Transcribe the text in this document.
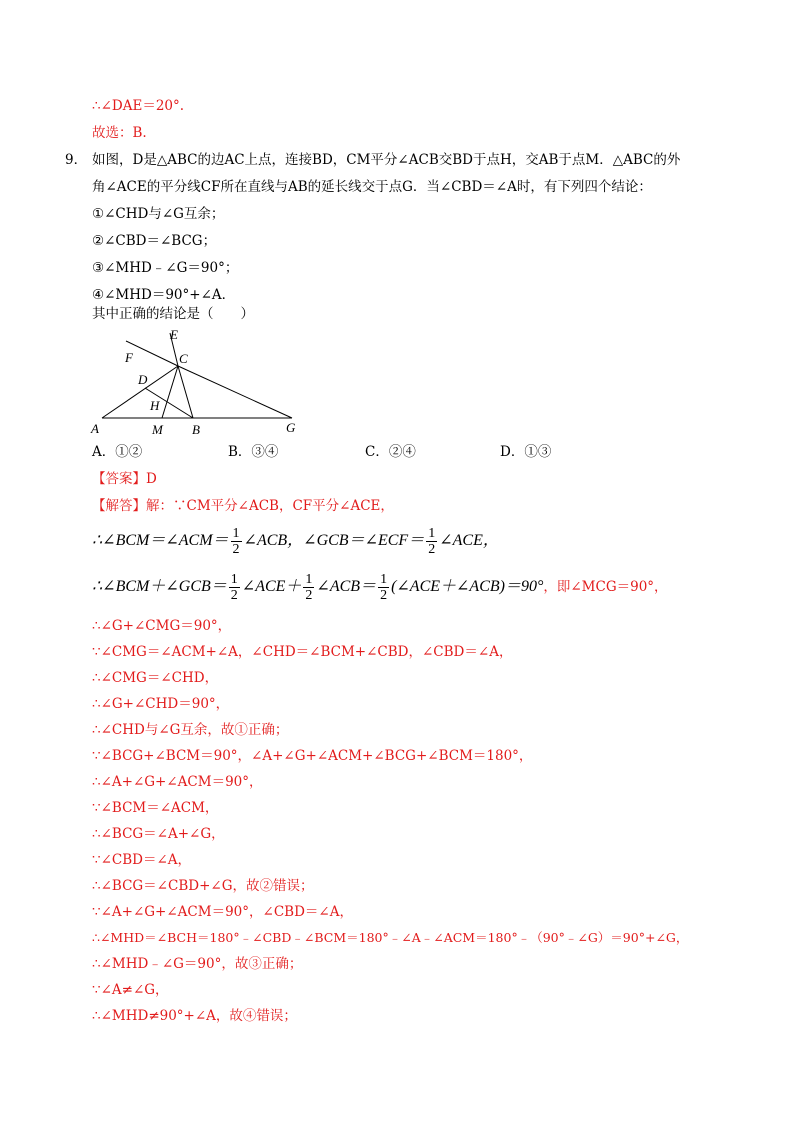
∴∠DAE＝20°.
故选：B.
9． 如图，D是△ABC的边AC上点，连接BD，CM平分∠ACB交BD于点H，交AB于点M．△ABC的外
角∠ACE的平分线CF所在直线与AB的延长线交于点G．当∠CBD＝∠A时，有下列四个结论：
①∠CHD与∠G互余；
②∠CBD＝∠BCG；
③∠MHD﹣∠G＝90°；
④∠MHD＝90°+∠A．
其中正确的结论是（　　）
E
F	C
D
H
A	M B	G
A．①②	B．③④	C．②④	D．①③
【答案】D
【解答】解：∵CM平分∠ACB，CF平分∠ACE，
∴∠BCM＝∠ACM＝ $\frac{1}{2}$ ∠ACB，∠GCB＝∠ECF＝ $\frac{1}{2}$ ∠ACE，
∴∠BCM＋∠GCB＝ $\frac{1}{2}$ ∠ACE＋ $\frac{1}{2}$ ∠ACB＝ $\frac{1}{2}$ (∠ACE＋∠ACB)＝90°，即∠MCG＝90°，
∴∠G+∠CMG＝90°，
∵∠CMG＝∠ACM+∠A，∠CHD＝∠BCM+∠CBD，∠CBD＝∠A，
∴∠CMG＝∠CHD，
∴∠G+∠CHD＝90°，
∴∠CHD与∠G互余，故①正确；
∵∠BCG+∠BCM＝90°，∠A+∠G+∠ACM+∠BCG+∠BCM＝180°，
∴∠A+∠G+∠ACM＝90°，
∵∠BCM＝∠ACM，
∴∠BCG＝∠A+∠G，
∵∠CBD＝∠A，
∴∠BCG＝∠CBD+∠G，故②错误；
∵∠A+∠G+∠ACM＝90°，∠CBD＝∠A，
∴∠MHD＝∠BCH＝180°﹣∠CBD﹣∠BCM＝180°﹣∠A﹣∠ACM＝180°﹣（90°﹣∠G）＝90°+∠G，
∴∠MHD﹣∠G＝90°，故③正确；
∵∠A≠∠G，
∴∠MHD≠90°+∠A，故④错误；
